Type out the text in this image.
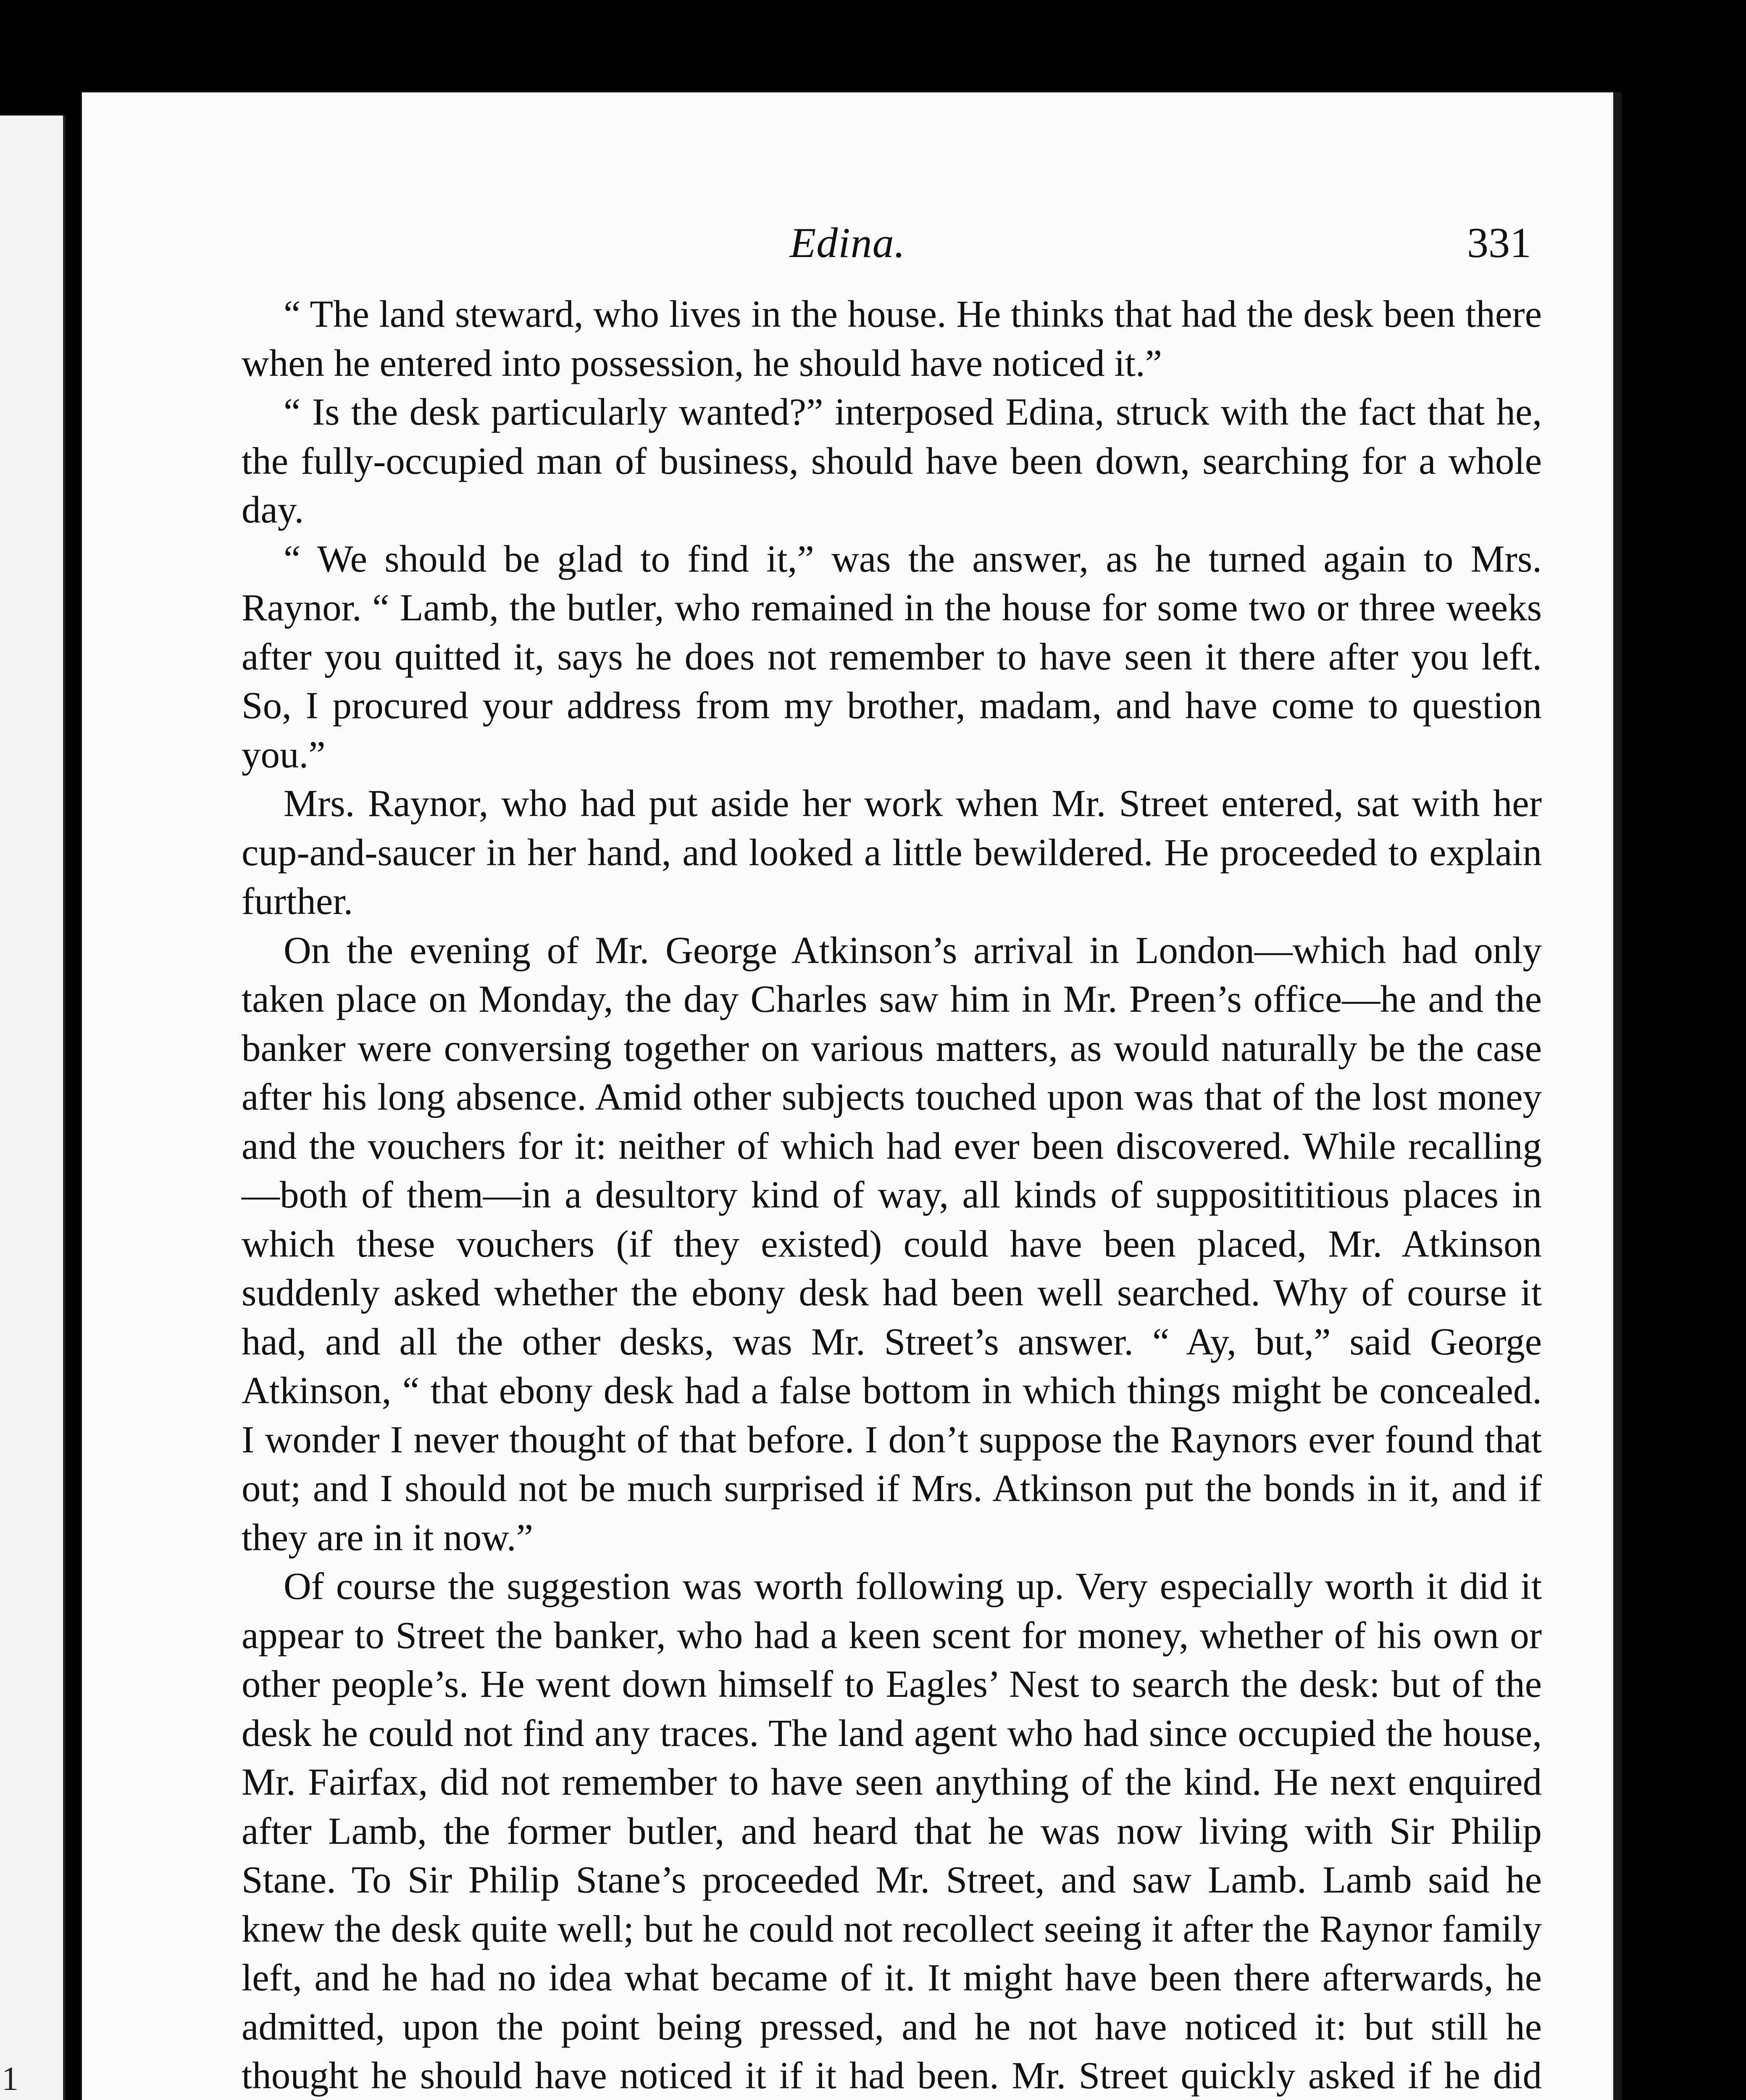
1
Edina.	331

“ The land steward, who lives in the house. He thinks that had the desk been there when he entered into possession, he should have noticed it.”

“ Is the desk particularly wanted?” interposed Edina, struck with the fact that he, the fully-occupied man of business, should have been down, searching for a whole day.

“ We should be glad to find it,” was the answer, as he turned again to Mrs. Raynor. “ Lamb, the butler, who remained in the house for some two or three weeks after you quitted it, says he does not remember to have seen it there after you left. So, I procured your address from my brother, madam, and have come to question you.”

Mrs. Raynor, who had put aside her work when Mr. Street entered, sat with her cup-and-saucer in her hand, and looked a little bewildered. He proceeded to explain further.

On the evening of Mr. George Atkinson’s arrival in London—which had only taken place on Monday, the day Charles saw him in Mr. Preen’s office—he and the banker were conversing together on various matters, as would naturally be the case after his long absence. Amid other subjects touched upon was that of the lost money and the vouchers for it: neither of which had ever been discovered. While recalling—both of them—in a desultory kind of way, all kinds of suppositititious places in which these vouchers (if they existed) could have been placed, Mr. Atkinson suddenly asked whether the ebony desk had been well searched. Why of course it had, and all the other desks, was Mr. Street’s answer. “ Ay, but,” said George Atkinson, “ that ebony desk had a false bottom in which things might be concealed. I wonder I never thought of that before. I don’t suppose the Raynors ever found that out; and I should not be much surprised if Mrs. Atkinson put the bonds in it, and if they are in it now.”

Of course the suggestion was worth following up. Very especially worth it did it appear to Street the banker, who had a keen scent for money, whether of his own or other people’s. He went down himself to Eagles’ Nest to search the desk: but of the desk he could not find any traces. The land agent who had since occupied the house, Mr. Fairfax, did not remember to have seen anything of the kind. He next enquired after Lamb, the former butler, and heard that he was now living with Sir Philip Stane. To Sir Philip Stane’s proceeded Mr. Street, and saw Lamb. Lamb said he knew the desk quite well; but he could not recollect seeing it after the Raynor family left, and he had no idea what became of it. It might have been there afterwards, he admitted, upon the point being pressed, and he not have noticed it: but still he thought he should have noticed it if it had been. Mr. Street quickly asked if he did
